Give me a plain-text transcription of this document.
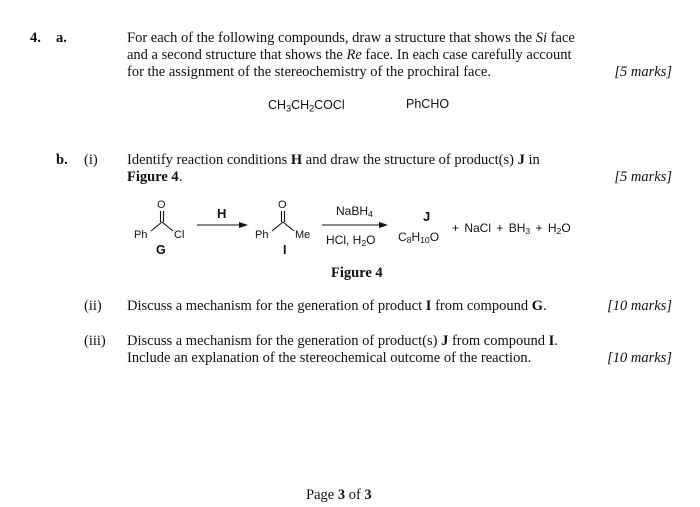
4. a.	For each of the following compounds, draw a structure that shows the Si face
and a second structure that shows the Re face. In each case carefully account
for the assignment of the stereochemistry of the prochiral face.	[5 marks]
$CH_3CH_2COCl$	PhCHO
b. (i) Identify reaction conditions H and draw the structure of product(s) J in
Figure 4.	[5 marks]
O
Ph Cl
G
H
O
Ph Me
I
NaBH$_4$
HCl, $H_2O$
J
$C_8H_{10}O$
+ NaCl + $BH_3 + H_2O$
Figure 4
(ii) Discuss a mechanism for the generation of product I from compound G.	[10 marks]
(iii) Discuss a mechanism for the generation of product(s) J from compound I.
Include an explanation of the stereochemical outcome of the reaction.	[10 marks]
Page 3 of 3
